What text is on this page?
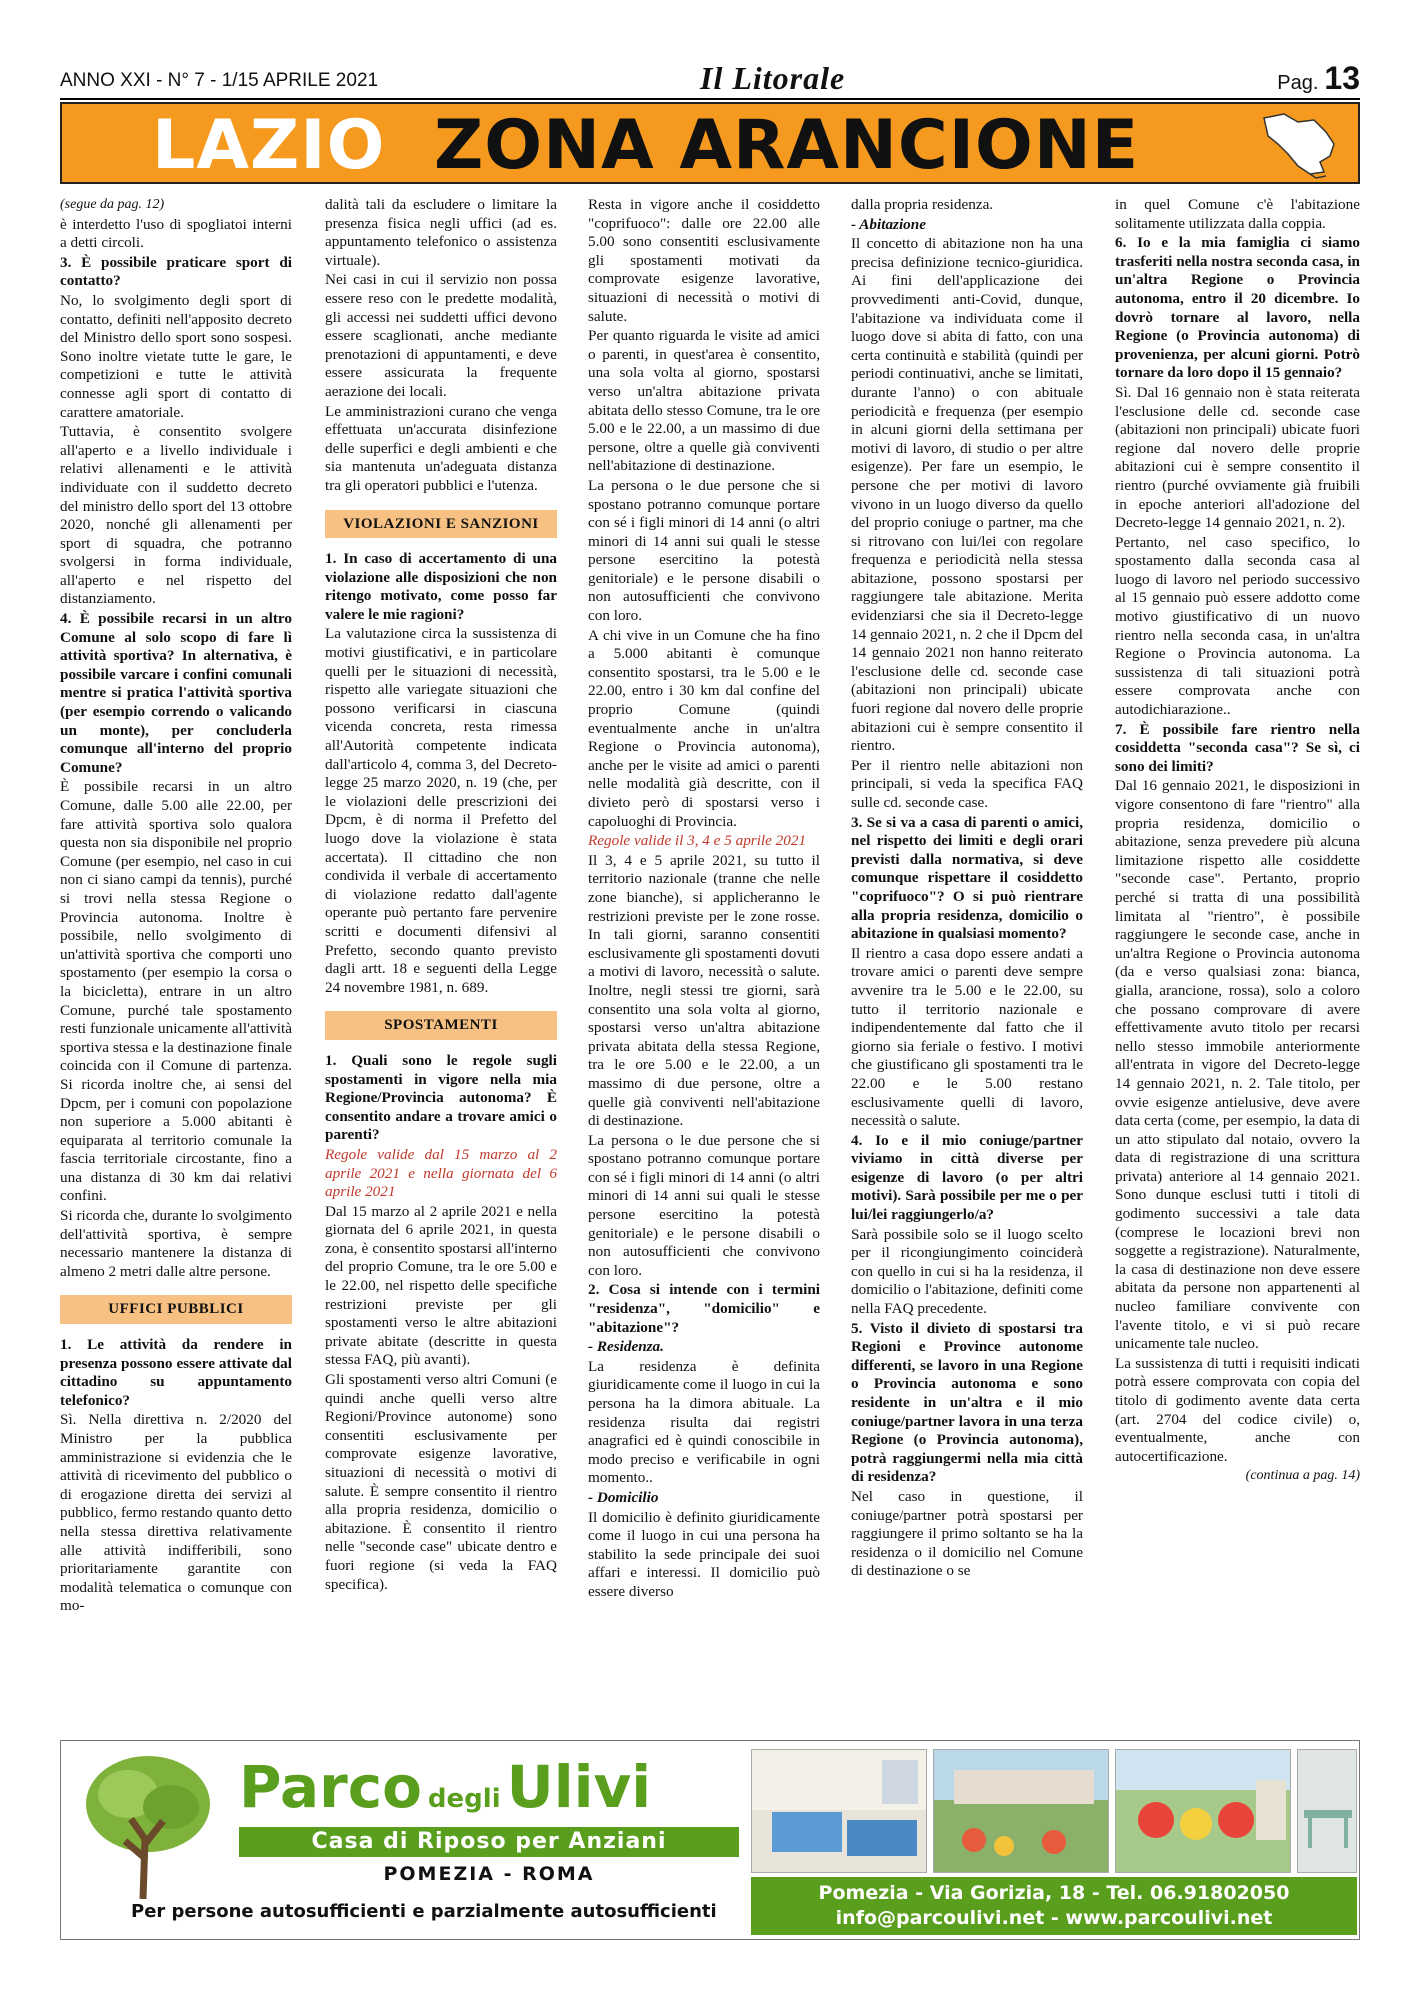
ANNO XXI - N° 7 - 1/15 APRILE 2021	Il Litorale	Pag. 13
LAZIO ZONA ARANCIONE

(segue da pag. 12)

è interdetto l'uso di spogliatoi interni a detti circoli.

3. È possibile praticare sport di contatto?

No, lo svolgimento degli sport di contatto, definiti nell'apposito decreto del Ministro dello sport sono sospesi. Sono inoltre vietate tutte le gare, le competizioni e tutte le attività connesse agli sport di contatto di carattere amatoriale.

Tuttavia, è consentito svolgere all'aperto e a livello individuale i relativi allenamenti e le attività individuate con il suddetto decreto del ministro dello sport del 13 ottobre 2020, nonché gli allenamenti per sport di squadra, che potranno svolgersi in forma individuale, all'aperto e nel rispetto del distanziamento.

4. È possibile recarsi in un altro Comune al solo scopo di fare lì attività sportiva? In alternativa, è possibile varcare i confini comunali mentre si pratica l'attività sportiva (per esempio correndo o valicando un monte), per concluderla comunque all'interno del proprio Comune?

È possibile recarsi in un altro Comune, dalle 5.00 alle 22.00, per fare attività sportiva solo qualora questa non sia disponibile nel proprio Comune (per esempio, nel caso in cui non ci siano campi da tennis), purché si trovi nella stessa Regione o Provincia autonoma. Inoltre è possibile, nello svolgimento di un'attività sportiva che comporti uno spostamento (per esempio la corsa o la bicicletta), entrare in un altro Comune, purché tale spostamento resti funzionale unicamente all'attività sportiva stessa e la destinazione finale coincida con il Comune di partenza. Si ricorda inoltre che, ai sensi del Dpcm, per i comuni con popolazione non superiore a 5.000 abitanti è equiparata al territorio comunale la fascia territoriale circostante, fino a una distanza di 30 km dai relativi confini.

Si ricorda che, durante lo svolgimento dell'attività sportiva, è sempre necessario mantenere la distanza di almeno 2 metri dalle altre persone.

UFFICI PUBBLICI

1. Le attività da rendere in presenza possono essere attivate dal cittadino su appuntamento telefonico?

Sì. Nella direttiva n. 2/2020 del Ministro per la pubblica amministrazione si evidenzia che le attività di ricevimento del pubblico o di erogazione diretta dei servizi al pubblico, fermo restando quanto detto nella stessa direttiva relativamente alle attività indifferibili, sono prioritariamente garantite con modalità telematica o comunque con mo-

dalità tali da escludere o limitare la presenza fisica negli uffici (ad es. appuntamento telefonico o assistenza virtuale).

Nei casi in cui il servizio non possa essere reso con le predette modalità, gli accessi nei suddetti uffici devono essere scaglionati, anche mediante prenotazioni di appuntamenti, e deve essere assicurata la frequente aerazione dei locali.

Le amministrazioni curano che venga effettuata un'accurata disinfezione delle superfici e degli ambienti e che sia mantenuta un'adeguata distanza tra gli operatori pubblici e l'utenza.

VIOLAZIONI E SANZIONI

1. In caso di accertamento di una violazione alle disposizioni che non ritengo motivato, come posso far valere le mie ragioni?

La valutazione circa la sussistenza di motivi giustificativi, e in particolare quelli per le situazioni di necessità, rispetto alle variegate situazioni che possono verificarsi in ciascuna vicenda concreta, resta rimessa all'Autorità competente indicata dall'articolo 4, comma 3, del Decreto-legge 25 marzo 2020, n. 19 (che, per le violazioni delle prescrizioni dei Dpcm, è di norma il Prefetto del luogo dove la violazione è stata accertata). Il cittadino che non condivida il verbale di accertamento di violazione redatto dall'agente operante può pertanto fare pervenire scritti e documenti difensivi al Prefetto, secondo quanto previsto dagli artt. 18 e seguenti della Legge 24 novembre 1981, n. 689.

SPOSTAMENTI

1. Quali sono le regole sugli spostamenti in vigore nella mia Regione/Provincia autonoma? È consentito andare a trovare amici o parenti?

Regole valide dal 15 marzo al 2 aprile 2021 e nella giornata del 6 aprile 2021

Dal 15 marzo al 2 aprile 2021 e nella giornata del 6 aprile 2021, in questa zona, è consentito spostarsi all'interno del proprio Comune, tra le ore 5.00 e le 22.00, nel rispetto delle specifiche restrizioni previste per gli spostamenti verso le altre abitazioni private abitate (descritte in questa stessa FAQ, più avanti).

Gli spostamenti verso altri Comuni (e quindi anche quelli verso altre Regioni/Province autonome) sono consentiti esclusivamente per comprovate esigenze lavorative, situazioni di necessità o motivi di salute. È sempre consentito il rientro alla propria residenza, domicilio o abitazione. È consentito il rientro nelle "seconde case" ubicate dentro e fuori regione (si veda la FAQ specifica).

Resta in vigore anche il cosiddetto "coprifuoco": dalle ore 22.00 alle 5.00 sono consentiti esclusivamente gli spostamenti motivati da comprovate esigenze lavorative, situazioni di necessità o motivi di salute.

Per quanto riguarda le visite ad amici o parenti, in quest'area è consentito, una sola volta al giorno, spostarsi verso un'altra abitazione privata abitata dello stesso Comune, tra le ore 5.00 e le 22.00, a un massimo di due persone, oltre a quelle già conviventi nell'abitazione di destinazione.

La persona o le due persone che si spostano potranno comunque portare con sé i figli minori di 14 anni (o altri minori di 14 anni sui quali le stesse persone esercitino la potestà genitoriale) e le persone disabili o non autosufficienti che convivono con loro.

A chi vive in un Comune che ha fino a 5.000 abitanti è comunque consentito spostarsi, tra le 5.00 e le 22.00, entro i 30 km dal confine del proprio Comune (quindi eventualmente anche in un'altra Regione o Provincia autonoma), anche per le visite ad amici o parenti nelle modalità già descritte, con il divieto però di spostarsi verso i capoluoghi di Provincia.

Regole valide il 3, 4 e 5 aprile 2021

Il 3, 4 e 5 aprile 2021, su tutto il territorio nazionale (tranne che nelle zone bianche), si applicheranno le restrizioni previste per le zone rosse. In tali giorni, saranno consentiti esclusivamente gli spostamenti dovuti a motivi di lavoro, necessità o salute. Inoltre, negli stessi tre giorni, sarà consentito una sola volta al giorno, spostarsi verso un'altra abitazione privata abitata della stessa Regione, tra le ore 5.00 e le 22.00, a un massimo di due persone, oltre a quelle già conviventi nell'abitazione di destinazione.

La persona o le due persone che si spostano potranno comunque portare con sé i figli minori di 14 anni (o altri minori di 14 anni sui quali le stesse persone esercitino la potestà genitoriale) e le persone disabili o non autosufficienti che convivono con loro.

2. Cosa si intende con i termini "residenza", "domicilio" e "abitazione"?

- Residenza.

La residenza è definita giuridicamente come il luogo in cui la persona ha la dimora abituale. La residenza risulta dai registri anagrafici ed è quindi conoscibile in modo preciso e verificabile in ogni momento..

- Domicilio

Il domicilio è definito giuridicamente come il luogo in cui una persona ha stabilito la sede principale dei suoi affari e interessi. Il domicilio può essere diverso

dalla propria residenza.

- Abitazione

Il concetto di abitazione non ha una precisa definizione tecnico-giuridica. Ai fini dell'applicazione dei provvedimenti anti-Covid, dunque, l'abitazione va individuata come il luogo dove si abita di fatto, con una certa continuità e stabilità (quindi per periodi continuativi, anche se limitati, durante l'anno) o con abituale periodicità e frequenza (per esempio in alcuni giorni della settimana per motivi di lavoro, di studio o per altre esigenze). Per fare un esempio, le persone che per motivi di lavoro vivono in un luogo diverso da quello del proprio coniuge o partner, ma che si ritrovano con lui/lei con regolare frequenza e periodicità nella stessa abitazione, possono spostarsi per raggiungere tale abitazione. Merita evidenziarsi che sia il Decreto-legge 14 gennaio 2021, n. 2 che il Dpcm del 14 gennaio 2021 non hanno reiterato l'esclusione delle cd. seconde case (abitazioni non principali) ubicate fuori regione dal novero delle proprie abitazioni cui è sempre consentito il rientro.

Per il rientro nelle abitazioni non principali, si veda la specifica FAQ sulle cd. seconde case.

3. Se si va a casa di parenti o amici, nel rispetto dei limiti e degli orari previsti dalla normativa, si deve comunque rispettare il cosiddetto "coprifuoco"? O si può rientrare alla propria residenza, domicilio o abitazione in qualsiasi momento?

Il rientro a casa dopo essere andati a trovare amici o parenti deve sempre avvenire tra le 5.00 e le 22.00, su tutto il territorio nazionale e indipendentemente dal fatto che il giorno sia feriale o festivo. I motivi che giustificano gli spostamenti tra le 22.00 e le 5.00 restano esclusivamente quelli di lavoro, necessità o salute.

4. Io e il mio coniuge/partner viviamo in città diverse per esigenze di lavoro (o per altri motivi). Sarà possibile per me o per lui/lei raggiungerlo/a?

Sarà possibile solo se il luogo scelto per il ricongiungimento coinciderà con quello in cui si ha la residenza, il domicilio o l'abitazione, definiti come nella FAQ precedente.

5. Visto il divieto di spostarsi tra Regioni e Province autonome differenti, se lavoro in una Regione o Provincia autonoma e sono residente in un'altra e il mio coniuge/partner lavora in una terza Regione (o Provincia autonoma), potrà raggiungermi nella mia città di residenza?

Nel caso in questione, il coniuge/partner potrà spostarsi per raggiungere il primo soltanto se ha la residenza o il domicilio nel Comune di destinazione o se

in quel Comune c'è l'abitazione solitamente utilizzata dalla coppia.

6. Io e la mia famiglia ci siamo trasferiti nella nostra seconda casa, in un'altra Regione o Provincia autonoma, entro il 20 dicembre. Io dovrò tornare al lavoro, nella Regione (o Provincia autonoma) di provenienza, per alcuni giorni. Potrò tornare da loro dopo il 15 gennaio?

Sì. Dal 16 gennaio non è stata reiterata l'esclusione delle cd. seconde case (abitazioni non principali) ubicate fuori regione dal novero delle proprie abitazioni cui è sempre consentito il rientro (purché ovviamente già fruibili in epoche anteriori all'adozione del Decreto-legge 14 gennaio 2021, n. 2).

Pertanto, nel caso specifico, lo spostamento dalla seconda casa al luogo di lavoro nel periodo successivo al 15 gennaio può essere addotto come motivo giustificativo di un nuovo rientro nella seconda casa, in un'altra Regione o Provincia autonoma. La sussistenza di tali situazioni potrà essere comprovata anche con autodichiarazione..

7. È possibile fare rientro nella cosiddetta "seconda casa"? Se sì, ci sono dei limiti?

Dal 16 gennaio 2021, le disposizioni in vigore consentono di fare "rientro" alla propria residenza, domicilio o abitazione, senza prevedere più alcuna limitazione rispetto alle cosiddette "seconde case". Pertanto, proprio perché si tratta di una possibilità limitata al "rientro", è possibile raggiungere le seconde case, anche in un'altra Regione o Provincia autonoma (da e verso qualsiasi zona: bianca, gialla, arancione, rossa), solo a coloro che possano comprovare di avere effettivamente avuto titolo per recarsi nello stesso immobile anteriormente all'entrata in vigore del Decreto-legge 14 gennaio 2021, n. 2. Tale titolo, per ovvie esigenze antielusive, deve avere data certa (come, per esempio, la data di un atto stipulato dal notaio, ovvero la data di registrazione di una scrittura privata) anteriore al 14 gennaio 2021. Sono dunque esclusi tutti i titoli di godimento successivi a tale data (comprese le locazioni brevi non soggette a registrazione). Naturalmente, la casa di destinazione non deve essere abitata da persone non appartenenti al nucleo familiare convivente con l'avente titolo, e vi si può recare unicamente tale nucleo.

La sussistenza di tutti i requisiti indicati potrà essere comprovata con copia del titolo di godimento avente data certa (art. 2704 del codice civile) o, eventualmente, anche con autocertificazione.

(continua a pag. 14)

Parco degli Ulivi
Casa di Riposo per Anziani
POMEZIA - ROMA
Per persone autosufficienti e parzialmente autosufficienti
Pomezia - Via Gorizia, 18 - Tel. 06.91802050
info@parcoulivi.net - www.parcoulivi.net
